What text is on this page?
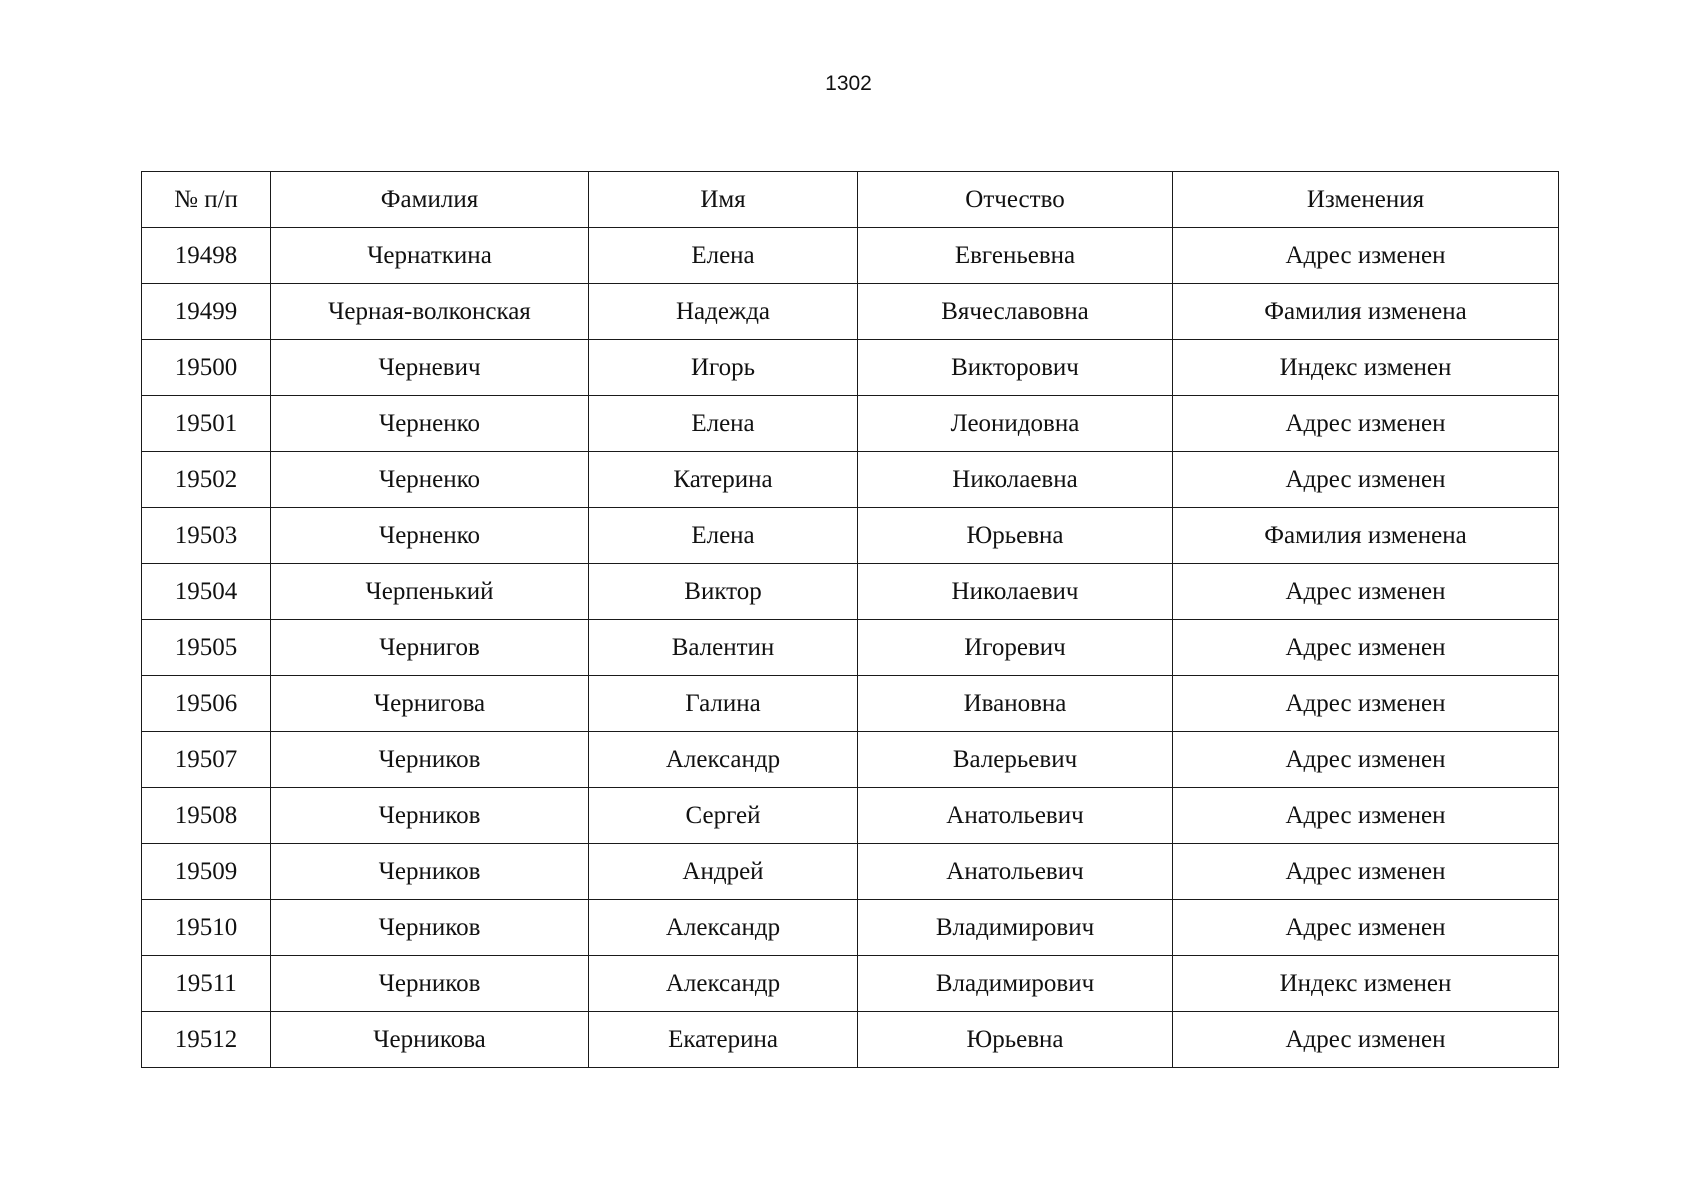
1302
№ п/п	Фамилия	Имя	Отчество	Изменения
19498	Чернаткина	Елена	Евгеньевна	Адрес изменен
19499	Черная-волконская	Надежда	Вячеславовна	Фамилия изменена
19500	Черневич	Игорь	Викторович	Индекс изменен
19501	Черненко	Елена	Леонидовна	Адрес изменен
19502	Черненко	Катерина	Николаевна	Адрес изменен
19503	Черненко	Елена	Юрьевна	Фамилия изменена
19504	Черпенький	Виктор	Николаевич	Адрес изменен
19505	Чернигов	Валентин	Игоревич	Адрес изменен
19506	Чернигова	Галина	Ивановна	Адрес изменен
19507	Черников	Александр	Валерьевич	Адрес изменен
19508	Черников	Сергей	Анатольевич	Адрес изменен
19509	Черников	Андрей	Анатольевич	Адрес изменен
19510	Черников	Александр	Владимирович	Адрес изменен
19511	Черников	Александр	Владимирович	Индекс изменен
19512	Черникова	Екатерина	Юрьевна	Адрес изменен
